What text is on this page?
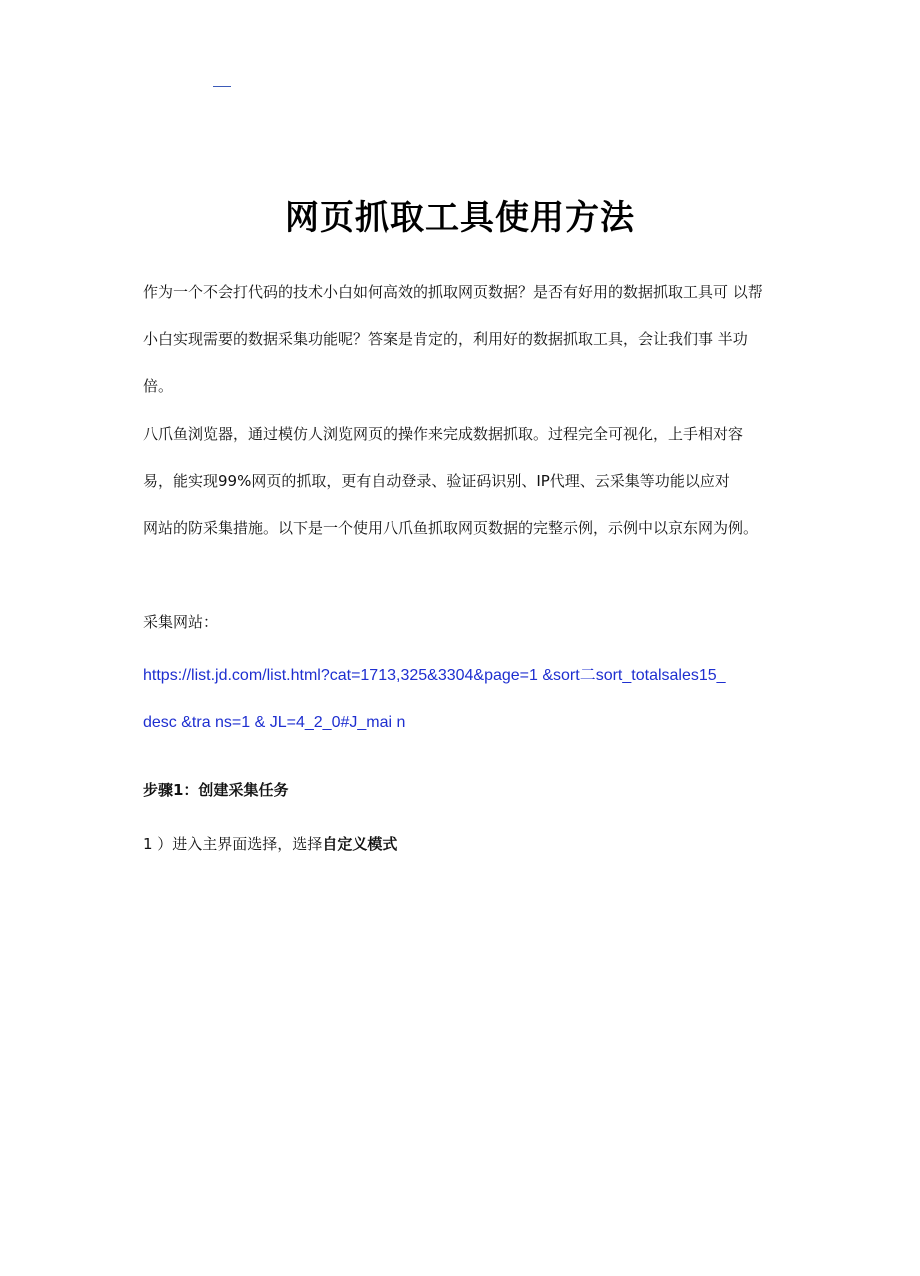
网页抓取工具使用方法
作为一个不会打代码的技术小白如何高效的抓取网页数据？是否有好用的数据抓取工具可 以帮
小白实现需要的数据采集功能呢？答案是肯定的，利用好的数据抓取工具，会让我们事 半功
倍。
八爪鱼浏览器，通过模仿人浏览网页的操作来完成数据抓取。过程完全可视化，上手相对容
易，能实现99%网页的抓取，更有自动登录、验证码识别、IP代理、云采集等功能以应对
网站的防采集措施。以下是一个使用八爪鱼抓取网页数据的完整示例，示例中以京东网为例。
采集网站：
https://list.jd.com/list.html?cat=1713,325&3304&page=1 &sort二sort_totalsales15_
desc &tra ns=1 & JL=4_2_0#J_mai n
步骤1：创建采集任务
1 ）进入主界面选择，选择自定义模式
